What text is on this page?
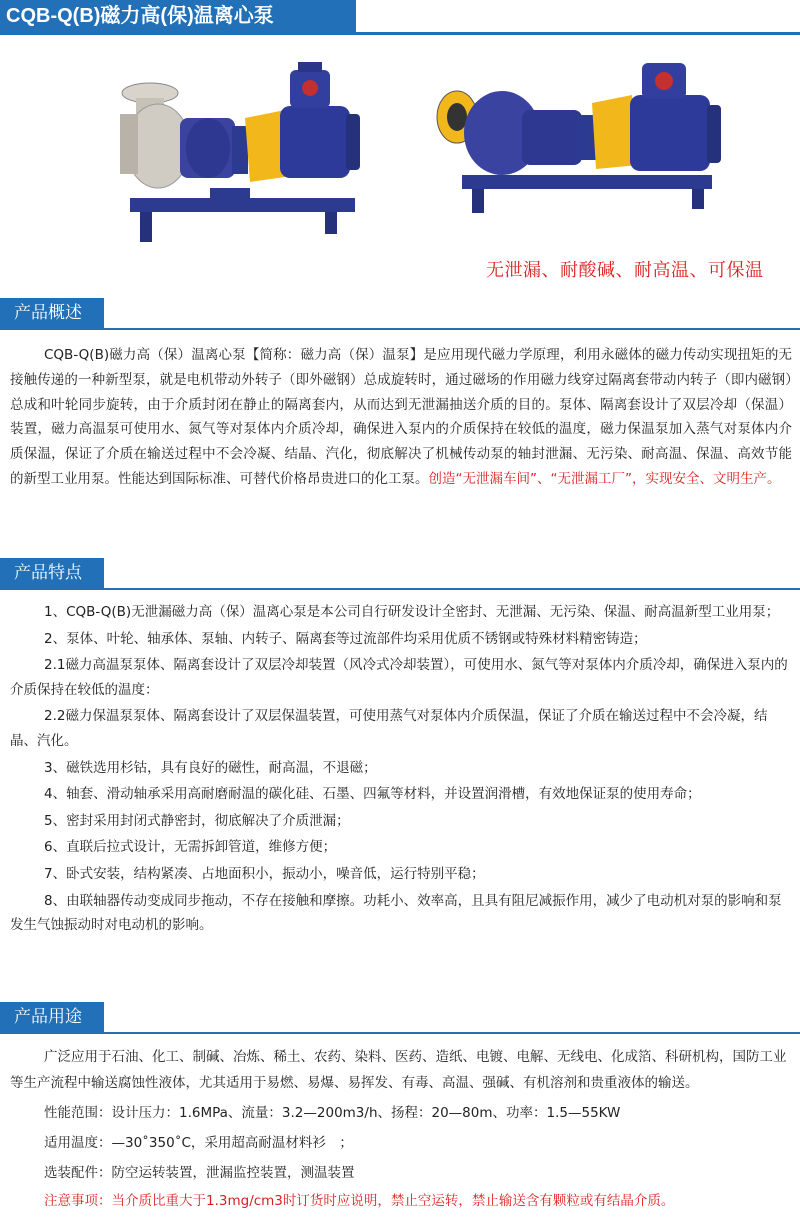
CQB-Q(B)磁力高(保)温离心泵
无泄漏、耐酸碱、耐高温、可保温
产品概述
CQB-Q(B)磁力高（保）温离心泵【简称：磁力高（保）温泵】是应用现代磁力学原理，利用永磁体的磁力传动实现扭矩的无接触传递的一种新型泵，就是电机带动外转子（即外磁钢）总成旋转时，通过磁场的作用磁力线穿过隔离套带动内转子（即内磁钢）总成和叶轮同步旋转，由于介质封闭在静止的隔离套内，从而达到无泄漏抽送介质的目的。泵体、隔离套设计了双层冷却（保温）装置，磁力高温泵可使用水、氮气等对泵体内介质冷却，确保进入泵内的介质保持在较低的温度，磁力保温泵加入蒸气对泵体内介质保温，保证了介质在输送过程中不会冷凝、结晶、汽化，彻底解决了机械传动泵的轴封泄漏、无污染、耐高温、保温、高效节能的新型工业用泵。性能达到国际标准、可替代价格昂贵进口的化工泵。创造“无泄漏车间”、“无泄漏工厂”，实现安全、文明生产。
产品特点

1、CQB-Q(B)无泄漏磁力高（保）温离心泵是本公司自行研发设计全密封、无泄漏、无污染、保温、耐高温新型工业用泵；

2、泵体、叶轮、轴承体、泵轴、内转子、隔离套等过流部件均采用优质不锈钢或特殊材料精密铸造；

2.1磁力高温泵泵体、隔离套设计了双层冷却装置（风冷式冷却装置），可使用水、氮气等对泵体内介质冷却，确保进入泵内的介质保持在较低的温度：

2.2磁力保温泵泵体、隔离套设计了双层保温装置，可使用蒸气对泵体内介质保温，保证了介质在输送过程中不会冷凝，结晶、汽化。

3、磁铁选用杉钴，具有良好的磁性，耐高温，不退磁；

4、轴套、滑动轴承采用高耐磨耐温的碳化硅、石墨、四氟等材料，并设置润滑槽，有效地保证泵的使用寿命；

5、密封采用封闭式静密封，彻底解决了介质泄漏；

6、直联后拉式设计，无需拆卸管道，维修方便；

7、卧式安装，结构紧凑、占地面积小，振动小，噪音低，运行特别平稳；

8、由联轴器传动变成同步拖动，不存在接触和摩擦。功耗小、效率高，且具有阻尼减振作用，减少了电动机对泵的影响和泵发生气蚀振动时对电动机的影响。

产品用途

广泛应用于石油、化工、制碱、冶炼、稀土、农药、染料、医药、造纸、电镀、电解、无线电、化成箔、科研机构，国防工业等生产流程中输送腐蚀性液体，尤其适用于易燃、易爆、易挥发、有毒、高温、强碱、有机溶剂和贵重液体的输送。

性能范围：设计压力：1.6MPa、流量：3.2—200m3/h、扬程：20—80m、功率：1.5—55KW

适用温度：—30˚350˚C，采用超高耐温材料衫　；

选装配件：防空运转装置，泄漏监控装置，测温装置

注意事项：当介质比重大于1.3mg/cm3时订货时应说明，禁止空运转，禁止输送含有颗粒或有结晶介质。
